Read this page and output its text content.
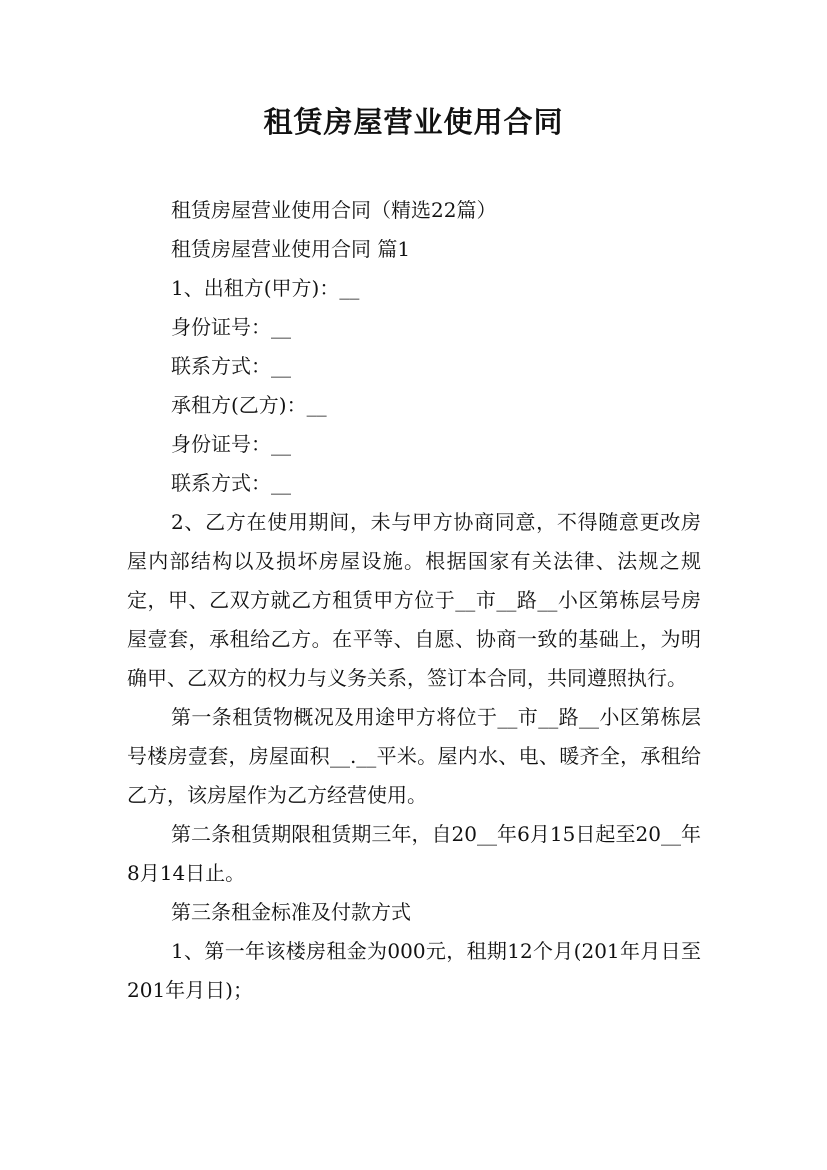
租赁房屋营业使用合同

租赁房屋营业使用合同（精选22篇）

租赁房屋营业使用合同 篇1

1、出租方(甲方)：__

身份证号：__

联系方式：__

承租方(乙方)：__

身份证号：__

联系方式：__

2、乙方在使用期间，未与甲方协商同意，不得随意更改房屋内部结构以及损坏房屋设施。根据国家有关法律、法规之规定，甲、乙双方就乙方租赁甲方位于__市__路__小区第栋层号房屋壹套，承租给乙方。在平等、自愿、协商一致的基础上，为明确甲、乙双方的权力与义务关系，签订本合同，共同遵照执行。

第一条租赁物概况及用途甲方将位于__市__路__小区第栋层号楼房壹套，房屋面积__.__平米。屋内水、电、暖齐全，承租给乙方，该房屋作为乙方经营使用。

第二条租赁期限租赁期三年，自20__年6月15日起至20__年8月14日止。

第三条租金标准及付款方式

1、第一年该楼房租金为000元，租期12个月(201年月日至201年月日)；
